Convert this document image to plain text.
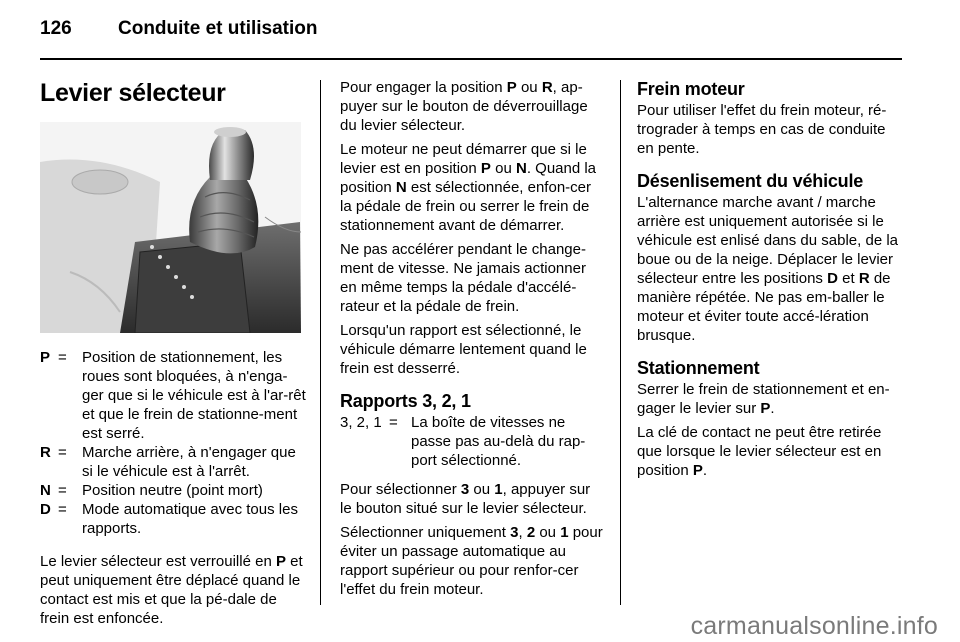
126 Conduite et utilisation
Levier sélecteur
P =	Position de stationnement, les roues sont bloquées, à n'enga-ger que si le véhicule est à l'ar-rêt et que le frein de stationne-ment est serré.
R =	Marche arrière, à n'engager que si le véhicule est à l'arrêt.
N =	Position neutre (point mort)
D =	Mode automatique avec tous les rapports.

Le levier sélecteur est verrouillé en P et peut uniquement être déplacé quand le contact est mis et que la pé-dale de frein est enfoncée.

Pour engager la position P ou R, ap-puyer sur le bouton de déverrouillage du levier sélecteur.

Le moteur ne peut démarrer que si le levier est en position P ou N. Quand la position N est sélectionnée, enfon-cer la pédale de frein ou serrer le frein de stationnement avant de démarrer.

Ne pas accélérer pendant le change-ment de vitesse. Ne jamais actionner en même temps la pédale d'accélé-rateur et la pédale de frein.

Lorsqu'un rapport est sélectionné, le véhicule démarre lentement quand le frein est desserré.

Rapports 3, 2, 1
3, 2, 1 = La boîte de vitesses ne passe pas au-delà du rap-port sélectionné.

Pour sélectionner 3 ou 1, appuyer sur le bouton situé sur le levier sélecteur.

Sélectionner uniquement 3, 2 ou 1 pour éviter un passage automatique au rapport supérieur ou pour renfor-cer l'effet du frein moteur.

Frein moteur

Pour utiliser l'effet du frein moteur, ré-trograder à temps en cas de conduite en pente.

Désenlisement du véhicule

L'alternance marche avant / marche arrière est uniquement autorisée si le véhicule est enlisé dans du sable, de la boue ou de la neige. Déplacer le levier sélecteur entre les positions D et R de manière répétée. Ne pas em-baller le moteur et éviter toute accé-lération brusque.

Stationnement

Serrer le frein de stationnement et en-gager le levier sur P.

La clé de contact ne peut être retirée que lorsque le levier sélecteur est en position P.

carmanualsonline.info
